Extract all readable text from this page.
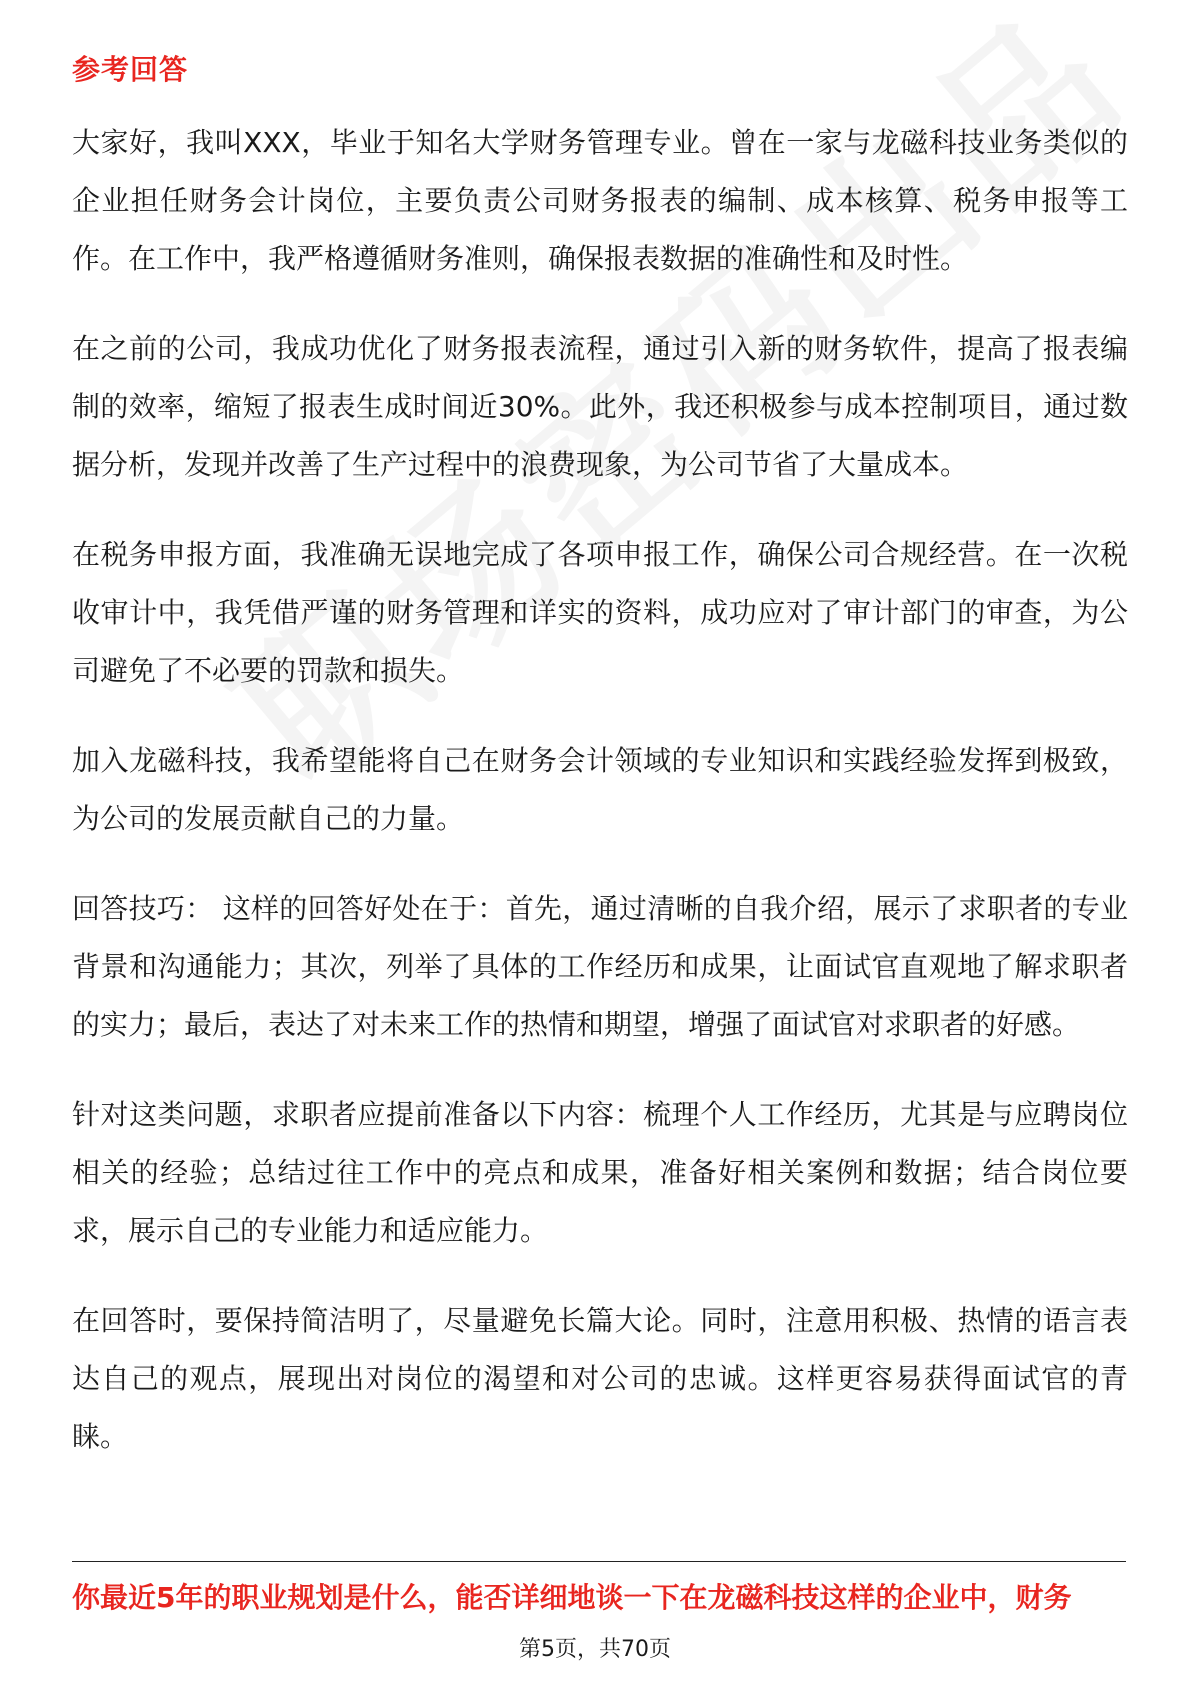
参考回答

大家好，我叫XXX，毕业于知名大学财务管理专业。曾在一家与龙磁科技业务类似的企业担任财务会计岗位，主要负责公司财务报表的编制、成本核算、税务申报等工作。在工作中，我严格遵循财务准则，确保报表数据的准确性和及时性。

在之前的公司，我成功优化了财务报表流程，通过引入新的财务软件，提高了报表编制的效率，缩短了报表生成时间近30%。此外，我还积极参与成本控制项目，通过数据分析，发现并改善了生产过程中的浪费现象，为公司节省了大量成本。

在税务申报方面，我准确无误地完成了各项申报工作，确保公司合规经营。在一次税收审计中，我凭借严谨的财务管理和详实的资料，成功应对了审计部门的审查，为公司避免了不必要的罚款和损失。

加入龙磁科技，我希望能将自己在财务会计领域的专业知识和实践经验发挥到极致，为公司的发展贡献自己的力量。

回答技巧： 这样的回答好处在于：首先，通过清晰的自我介绍，展示了求职者的专业背景和沟通能力；其次，列举了具体的工作经历和成果，让面试官直观地了解求职者的实力；最后，表达了对未来工作的热情和期望，增强了面试官对求职者的好感。

针对这类问题，求职者应提前准备以下内容：梳理个人工作经历，尤其是与应聘岗位相关的经验；总结过往工作中的亮点和成果，准备好相关案例和数据；结合岗位要求，展示自己的专业能力和适应能力。

在回答时，要保持简洁明了，尽量避免长篇大论。同时，注意用积极、热情的语言表达自己的观点，展现出对岗位的渴望和对公司的忠诚。这样更容易获得面试官的青睐。

你最近5年的职业规划是什么，能否详细地谈一下在龙磁科技这样的企业中，财务
第5页，共70页
